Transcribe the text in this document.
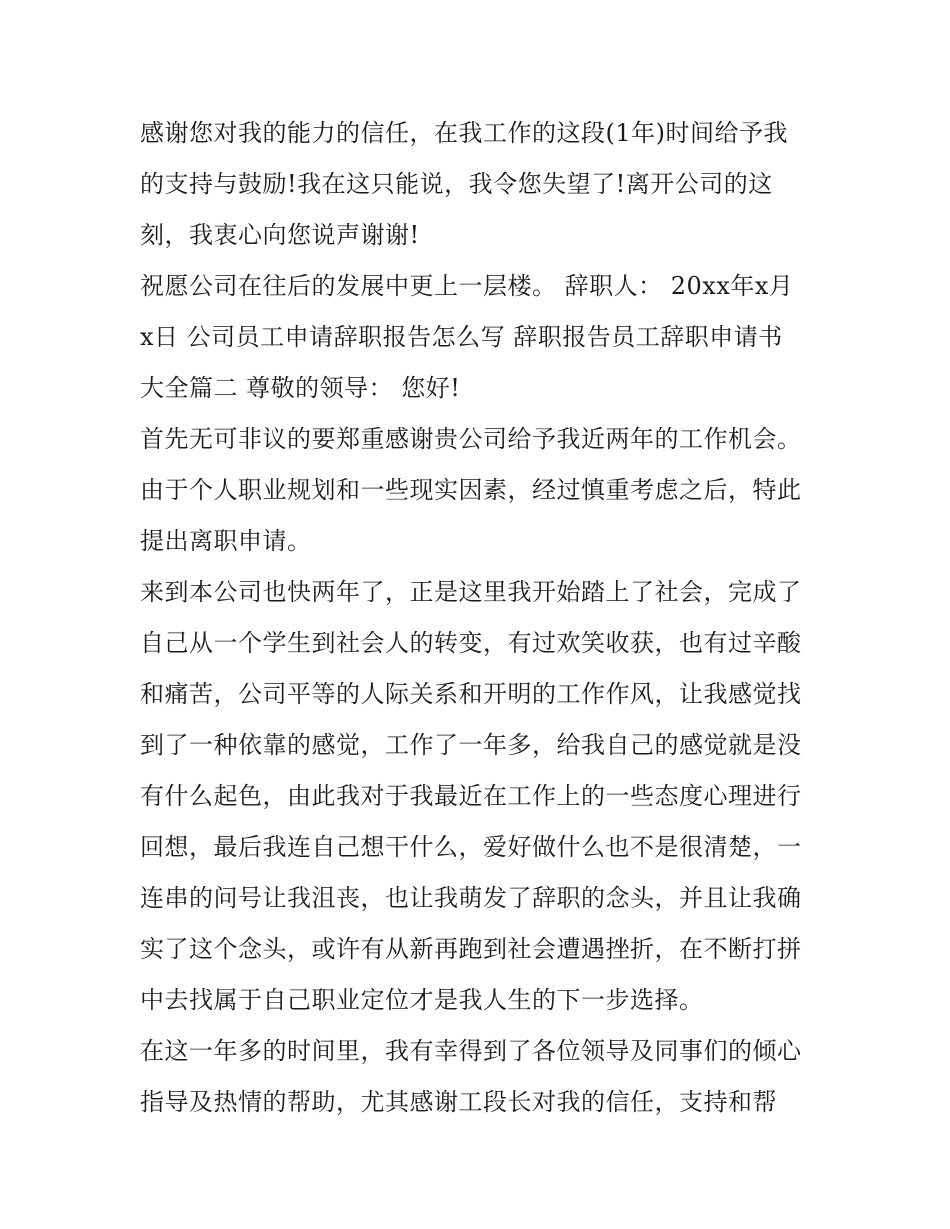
感谢您对我的能力的信任，在我工作的这段(1年)时间给予我
的支持与鼓励!我在这只能说，我令您失望了!离开公司的这
刻，我衷心向您说声谢谢!
祝愿公司在往后的发展中更上一层楼。 辞职人： 20xx年x月
x日 公司员工申请辞职报告怎么写 辞职报告员工辞职申请书
大全篇二 尊敬的领导： 您好!
首先无可非议的要郑重感谢贵公司给予我近两年的工作机会。
由于个人职业规划和一些现实因素，经过慎重考虑之后，特此
提出离职申请。
来到本公司也快两年了，正是这里我开始踏上了社会，完成了
自己从一个学生到社会人的转变，有过欢笑收获，也有过辛酸
和痛苦，公司平等的人际关系和开明的工作作风，让我感觉找
到了一种依靠的感觉，工作了一年多，给我自己的感觉就是没
有什么起色，由此我对于我最近在工作上的一些态度心理进行
回想，最后我连自己想干什么，爱好做什么也不是很清楚，一
连串的问号让我沮丧，也让我萌发了辞职的念头，并且让我确
实了这个念头，或许有从新再跑到社会遭遇挫折，在不断打拼
中去找属于自己职业定位才是我人生的下一步选择。
在这一年多的时间里，我有幸得到了各位领导及同事们的倾心
指导及热情的帮助，尤其感谢工段长对我的信任，支持和帮
